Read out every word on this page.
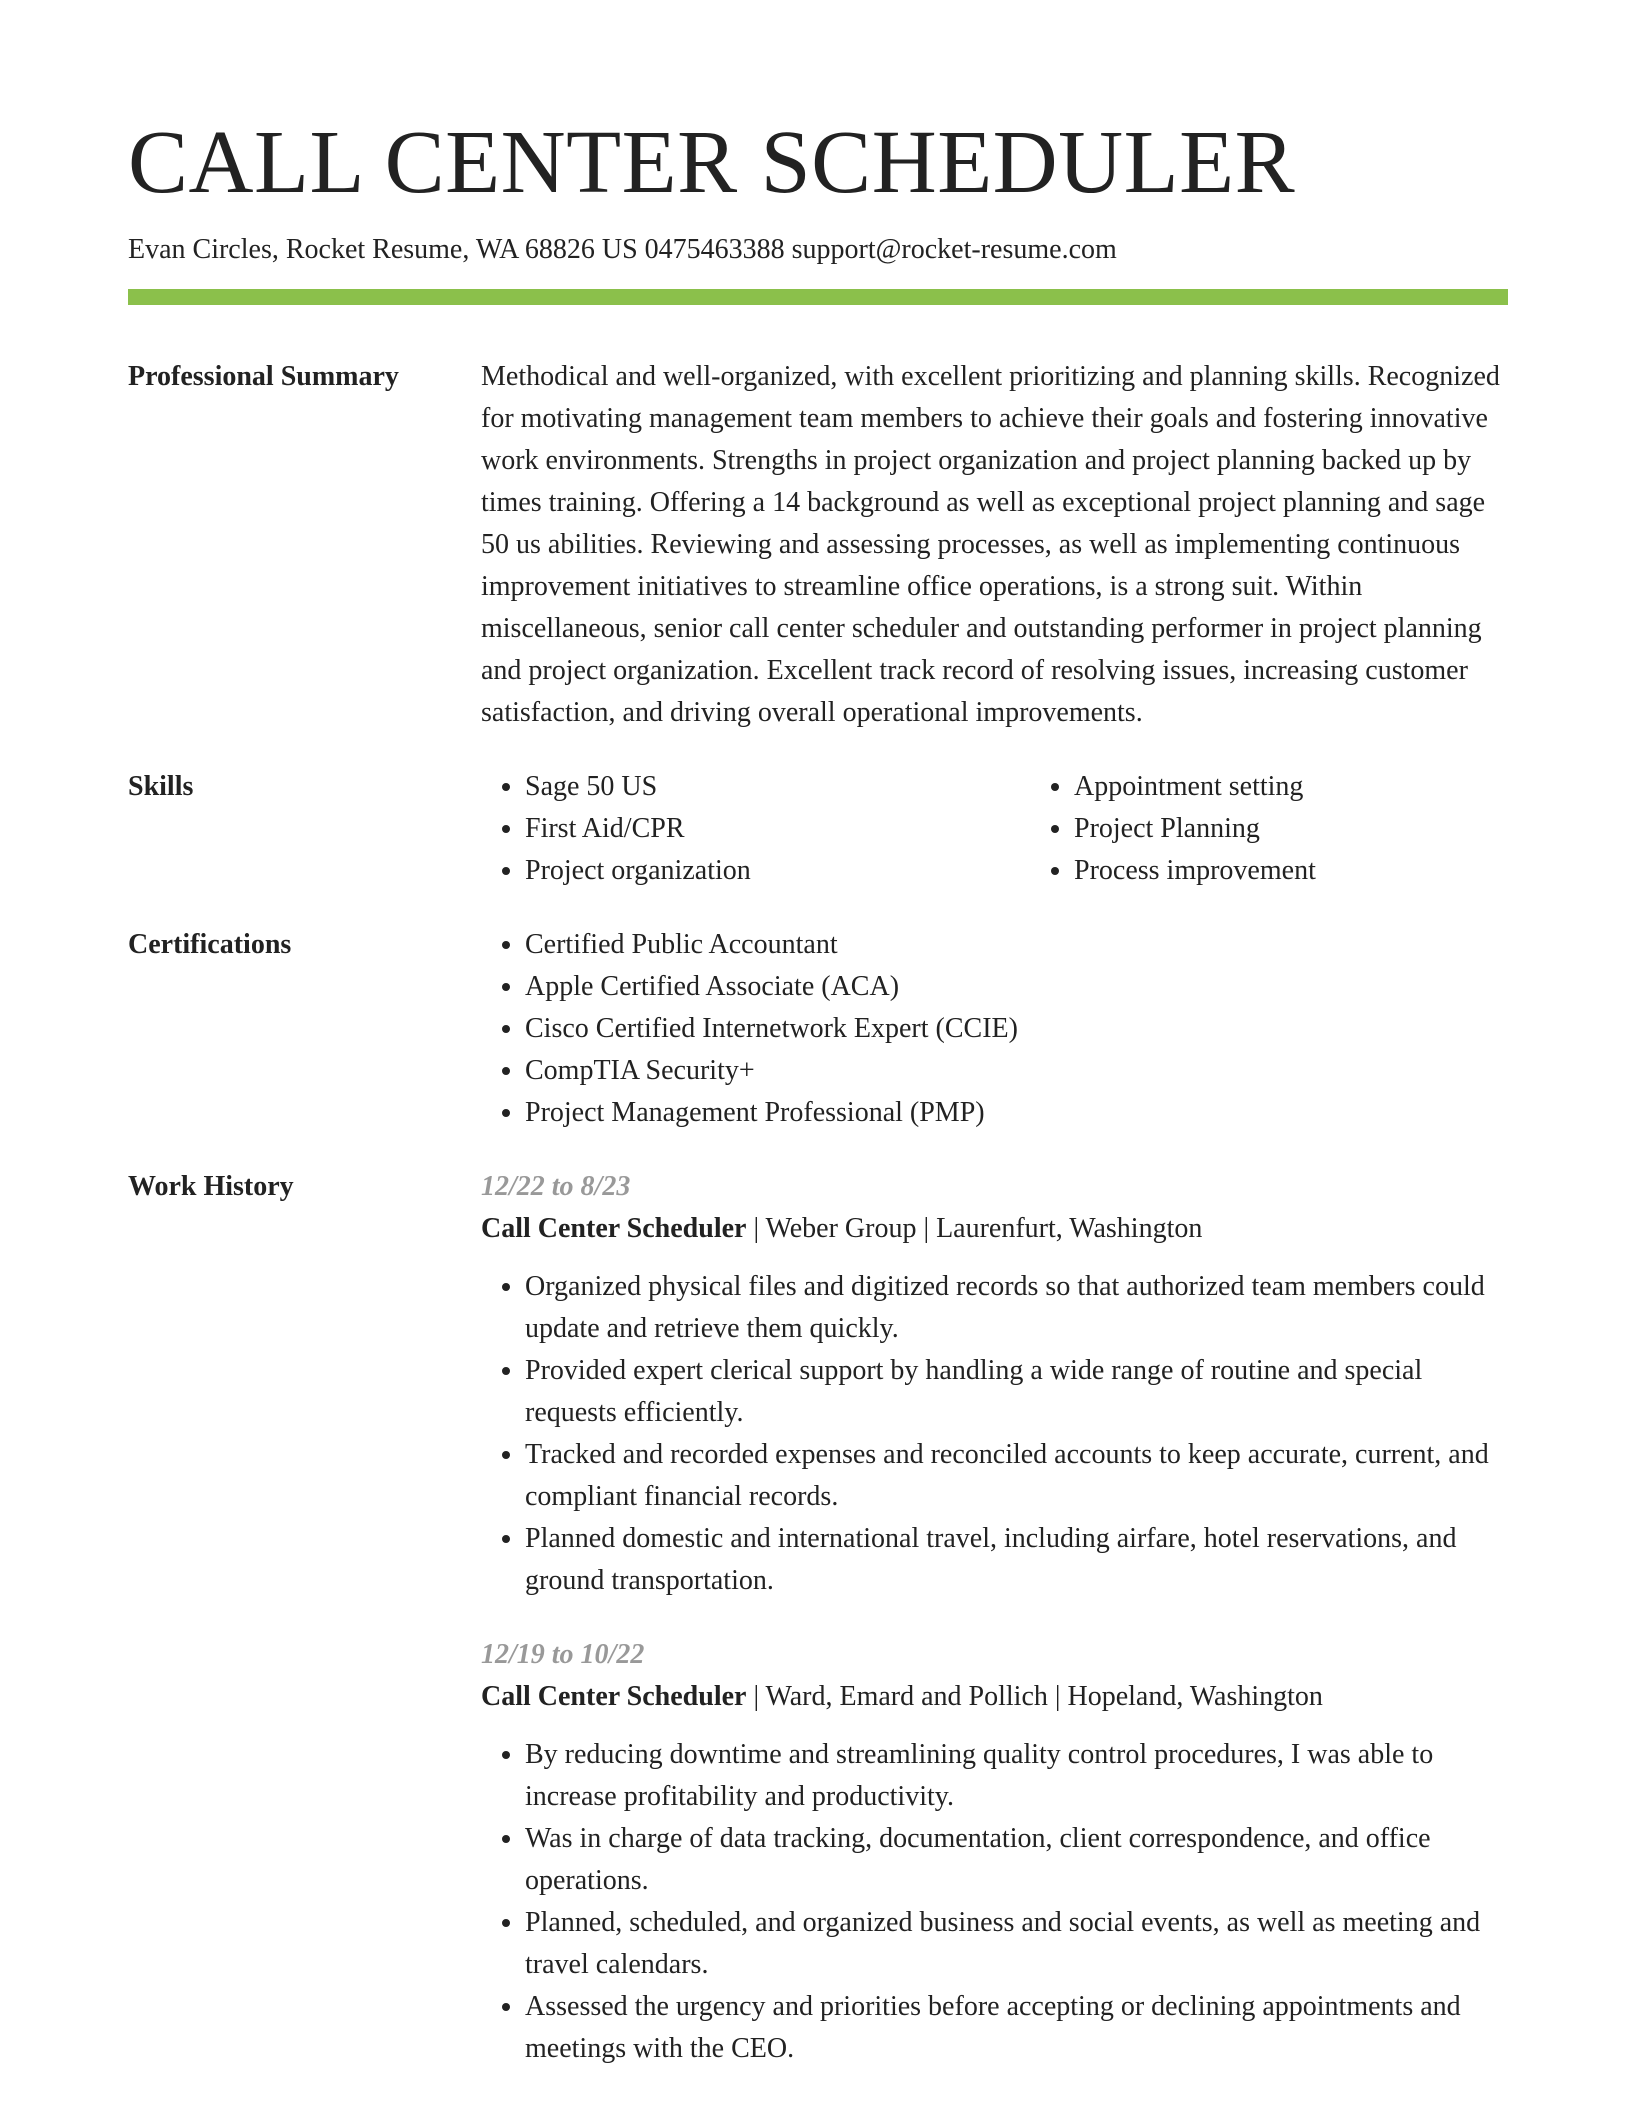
CALL CENTER SCHEDULER
Evan Circles, Rocket Resume, WA 68826 US 0475463388 support@rocket-resume.com
Professional Summary	Methodical and well-organized, with excellent prioritizing and planning skills. Recognized for motivating management team members to achieve their goals and fostering innovative work environments. Strengths in project organization and project planning backed up by times training. Offering a 14 background as well as exceptional project planning and sage 50 us abilities. Reviewing and assessing processes, as well as implementing continuous improvement initiatives to streamline office operations, is a strong suit. Within miscellaneous, senior call center scheduler and outstanding performer in project planning and project organization. Excellent track record of resolving issues, increasing customer satisfaction, and driving overall operational improvements.

Skills	• Sage 50 US
• First Aid/CPR
• Project organization
• Appointment setting
• Project Planning
• Process improvement
Certifications	• Certified Public Accountant
• Apple Certified Associate (ACA)
• Cisco Certified Internetwork Expert (CCIE)
• CompTIA Security+
• Project Management Professional (PMP)
Work History	12/22 to 8/23
Call Center Scheduler | Weber Group | Laurenfurt, Washington
• Organized physical files and digitized records so that authorized team members could update and retrieve them quickly.
• Provided expert clerical support by handling a wide range of routine and special requests efficiently.
• Tracked and recorded expenses and reconciled accounts to keep accurate, current, and compliant financial records.
• Planned domestic and international travel, including airfare, hotel reservations, and ground transportation.
12/19 to 10/22
Call Center Scheduler | Ward, Emard and Pollich | Hopeland, Washington
• By reducing downtime and streamlining quality control procedures, I was able to increase profitability and productivity.
• Was in charge of data tracking, documentation, client correspondence, and office operations.
• Planned, scheduled, and organized business and social events, as well as meeting and travel calendars.
• Assessed the urgency and priorities before accepting or declining appointments and meetings with the CEO.
